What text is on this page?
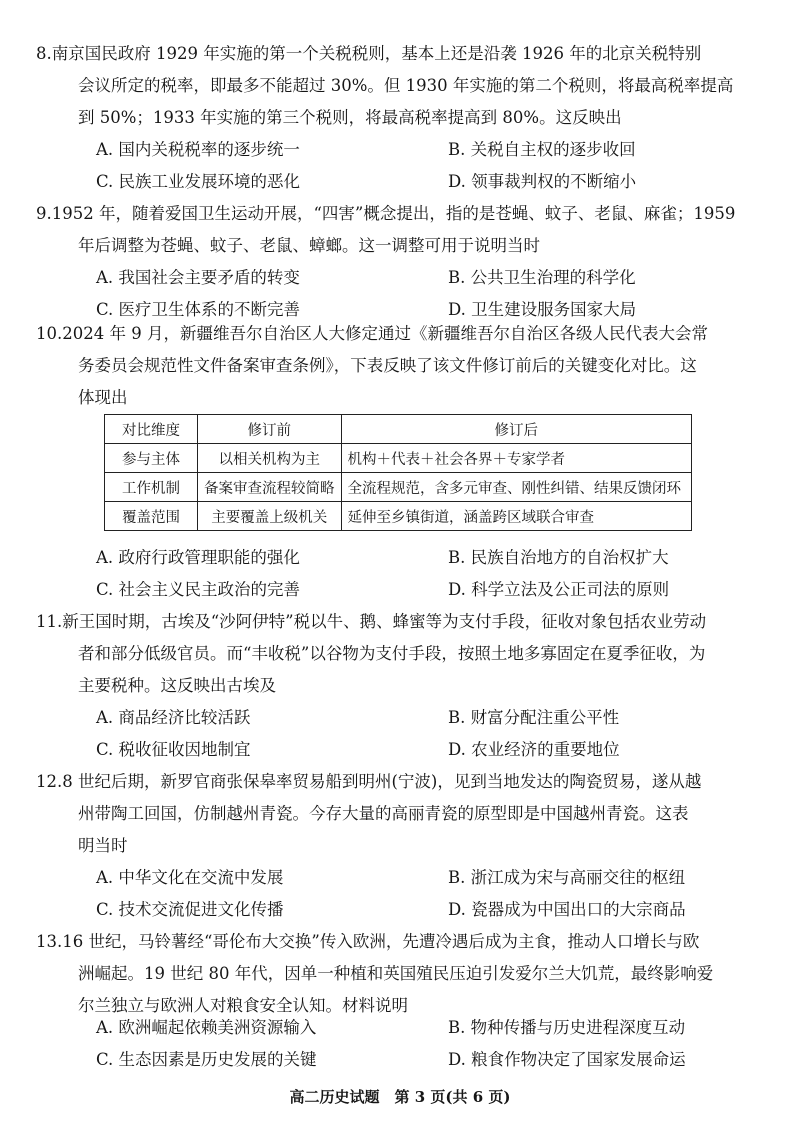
8.南京国民政府 1929 年实施的第一个关税税则，基本上还是沿袭 1926 年的北京关税特别
会议所定的税率，即最多不能超过 30%。但 1930 年实施的第二个税则，将最高税率提高
到 50%；1933 年实施的第三个税则，将最高税率提高到 80%。这反映出
A. 国内关税税率的逐步统一	B. 关税自主权的逐步收回
C. 民族工业发展环境的恶化	D. 领事裁判权的不断缩小
9.1952 年，随着爱国卫生运动开展，“四害”概念提出，指的是苍蝇、蚊子、老鼠、麻雀；1959
年后调整为苍蝇、蚊子、老鼠、蟑螂。这一调整可用于说明当时
A. 我国社会主要矛盾的转变	B. 公共卫生治理的科学化
C. 医疗卫生体系的不断完善	D. 卫生建设服务国家大局
10.2024 年 9 月，新疆维吾尔自治区人大修定通过《新疆维吾尔自治区各级人民代表大会常
务委员会规范性文件备案审查条例》，下表反映了该文件修订前后的关键变化对比。这
体现出
对比维度	修订前	修订后
参与主体	以相关机构为主	机构＋代表＋社会各界＋专家学者
工作机制	备案审查流程较简略	全流程规范，含多元审查、刚性纠错、结果反馈闭环
覆盖范围	主要覆盖上级机关	延伸至乡镇街道，涵盖跨区域联合审查
A. 政府行政管理职能的强化	B. 民族自治地方的自治权扩大
C. 社会主义民主政治的完善	D. 科学立法及公正司法的原则
11.新王国时期，古埃及“沙阿伊特”税以牛、鹅、蜂蜜等为支付手段，征收对象包括农业劳动
者和部分低级官员。而“丰收税”以谷物为支付手段，按照土地多寡固定在夏季征收，为
主要税种。这反映出古埃及
A. 商品经济比较活跃	B. 财富分配注重公平性
C. 税收征收因地制宜	D. 农业经济的重要地位
12.8 世纪后期，新罗官商张保皋率贸易船到明州(宁波)，见到当地发达的陶瓷贸易，遂从越
州带陶工回国，仿制越州青瓷。今存大量的高丽青瓷的原型即是中国越州青瓷。这表
明当时
A. 中华文化在交流中发展	B. 浙江成为宋与高丽交往的枢纽
C. 技术交流促进文化传播	D. 瓷器成为中国出口的大宗商品
13.16 世纪，马铃薯经“哥伦布大交换”传入欧洲，先遭冷遇后成为主食，推动人口增长与欧
洲崛起。19 世纪 80 年代，因单一种植和英国殖民压迫引发爱尔兰大饥荒，最终影响爱
尔兰独立与欧洲人对粮食安全认知。材料说明
A. 欧洲崛起依赖美洲资源输入	B. 物种传播与历史进程深度互动
C. 生态因素是历史发展的关键	D. 粮食作物决定了国家发展命运
高二历史试题　第 3 页(共 6 页)
